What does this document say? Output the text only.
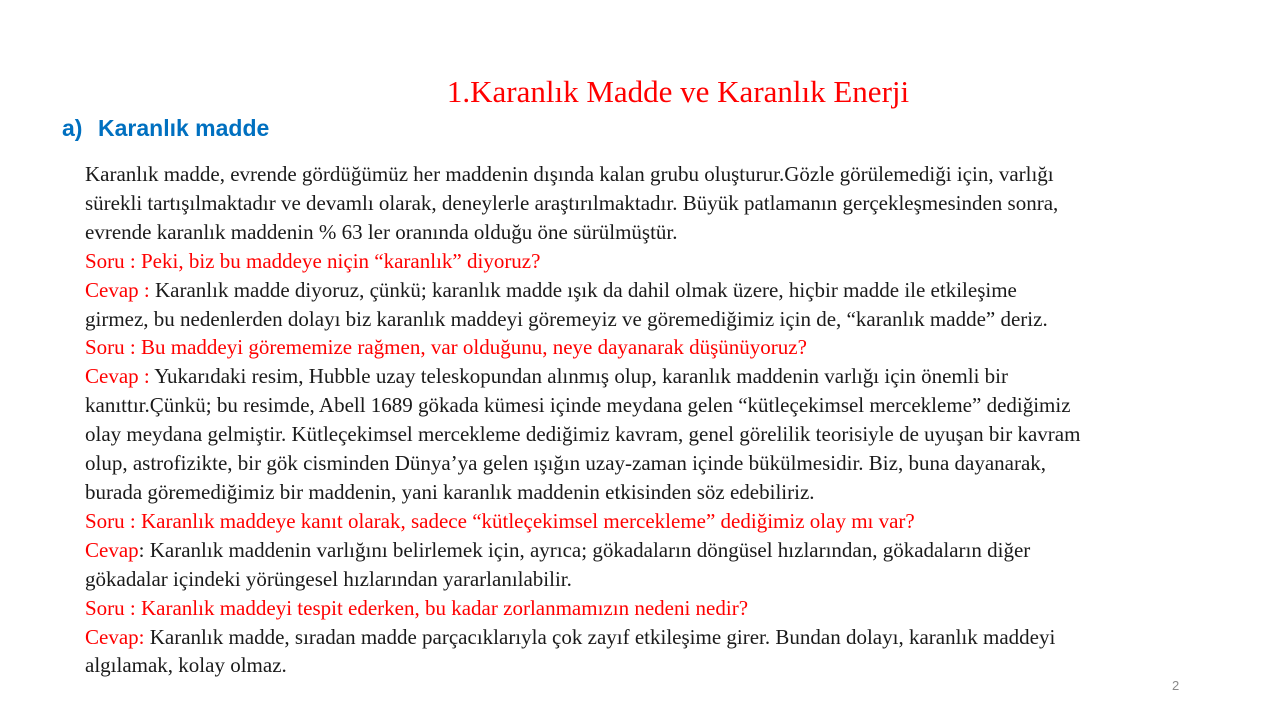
1.Karanlık Madde ve Karanlık Enerji
a) Karanlık madde
Karanlık madde, evrende gördüğümüz her maddenin dışında kalan grubu oluşturur.Gözle görülemediği için, varlığı
sürekli tartışılmaktadır ve devamlı olarak, deneylerle araştırılmaktadır. Büyük patlamanın gerçekleşmesinden sonra,
evrende karanlık maddenin % 63 ler oranında olduğu öne sürülmüştür.
Soru : Peki, biz bu maddeye niçin “karanlık” diyoruz?
Cevap : Karanlık madde diyoruz, çünkü; karanlık madde ışık da dahil olmak üzere, hiçbir madde ile etkileşime
girmez, bu nedenlerden dolayı biz karanlık maddeyi göremeyiz ve göremediğimiz için de, “karanlık madde” deriz.
Soru : Bu maddeyi görememize rağmen, var olduğunu, neye dayanarak düşünüyoruz?
Cevap : Yukarıdaki resim, Hubble uzay teleskopundan alınmış olup, karanlık maddenin varlığı için önemli bir
kanıttır.Çünkü; bu resimde, Abell 1689 gökada kümesi içinde meydana gelen “kütleçekimsel mercekleme” dediğimiz
olay meydana gelmiştir. Kütleçekimsel mercekleme dediğimiz kavram, genel görelilik teorisiyle de uyuşan bir kavram
olup, astrofizikte, bir gök cisminden Dünya’ya gelen ışığın uzay-zaman içinde bükülmesidir. Biz, buna dayanarak,
burada göremediğimiz bir maddenin, yani karanlık maddenin etkisinden söz edebiliriz.
Soru : Karanlık maddeye kanıt olarak, sadece “kütleçekimsel mercekleme” dediğimiz olay mı var?
Cevap: Karanlık maddenin varlığını belirlemek için, ayrıca; gökadaların döngüsel hızlarından, gökadaların diğer
gökadalar içindeki yörüngesel hızlarından yararlanılabilir.
Soru : Karanlık maddeyi tespit ederken, bu kadar zorlanmamızın nedeni nedir?
Cevap: Karanlık madde, sıradan madde parçacıklarıyla çok zayıf etkileşime girer. Bundan dolayı, karanlık maddeyi
algılamak, kolay olmaz.
2
